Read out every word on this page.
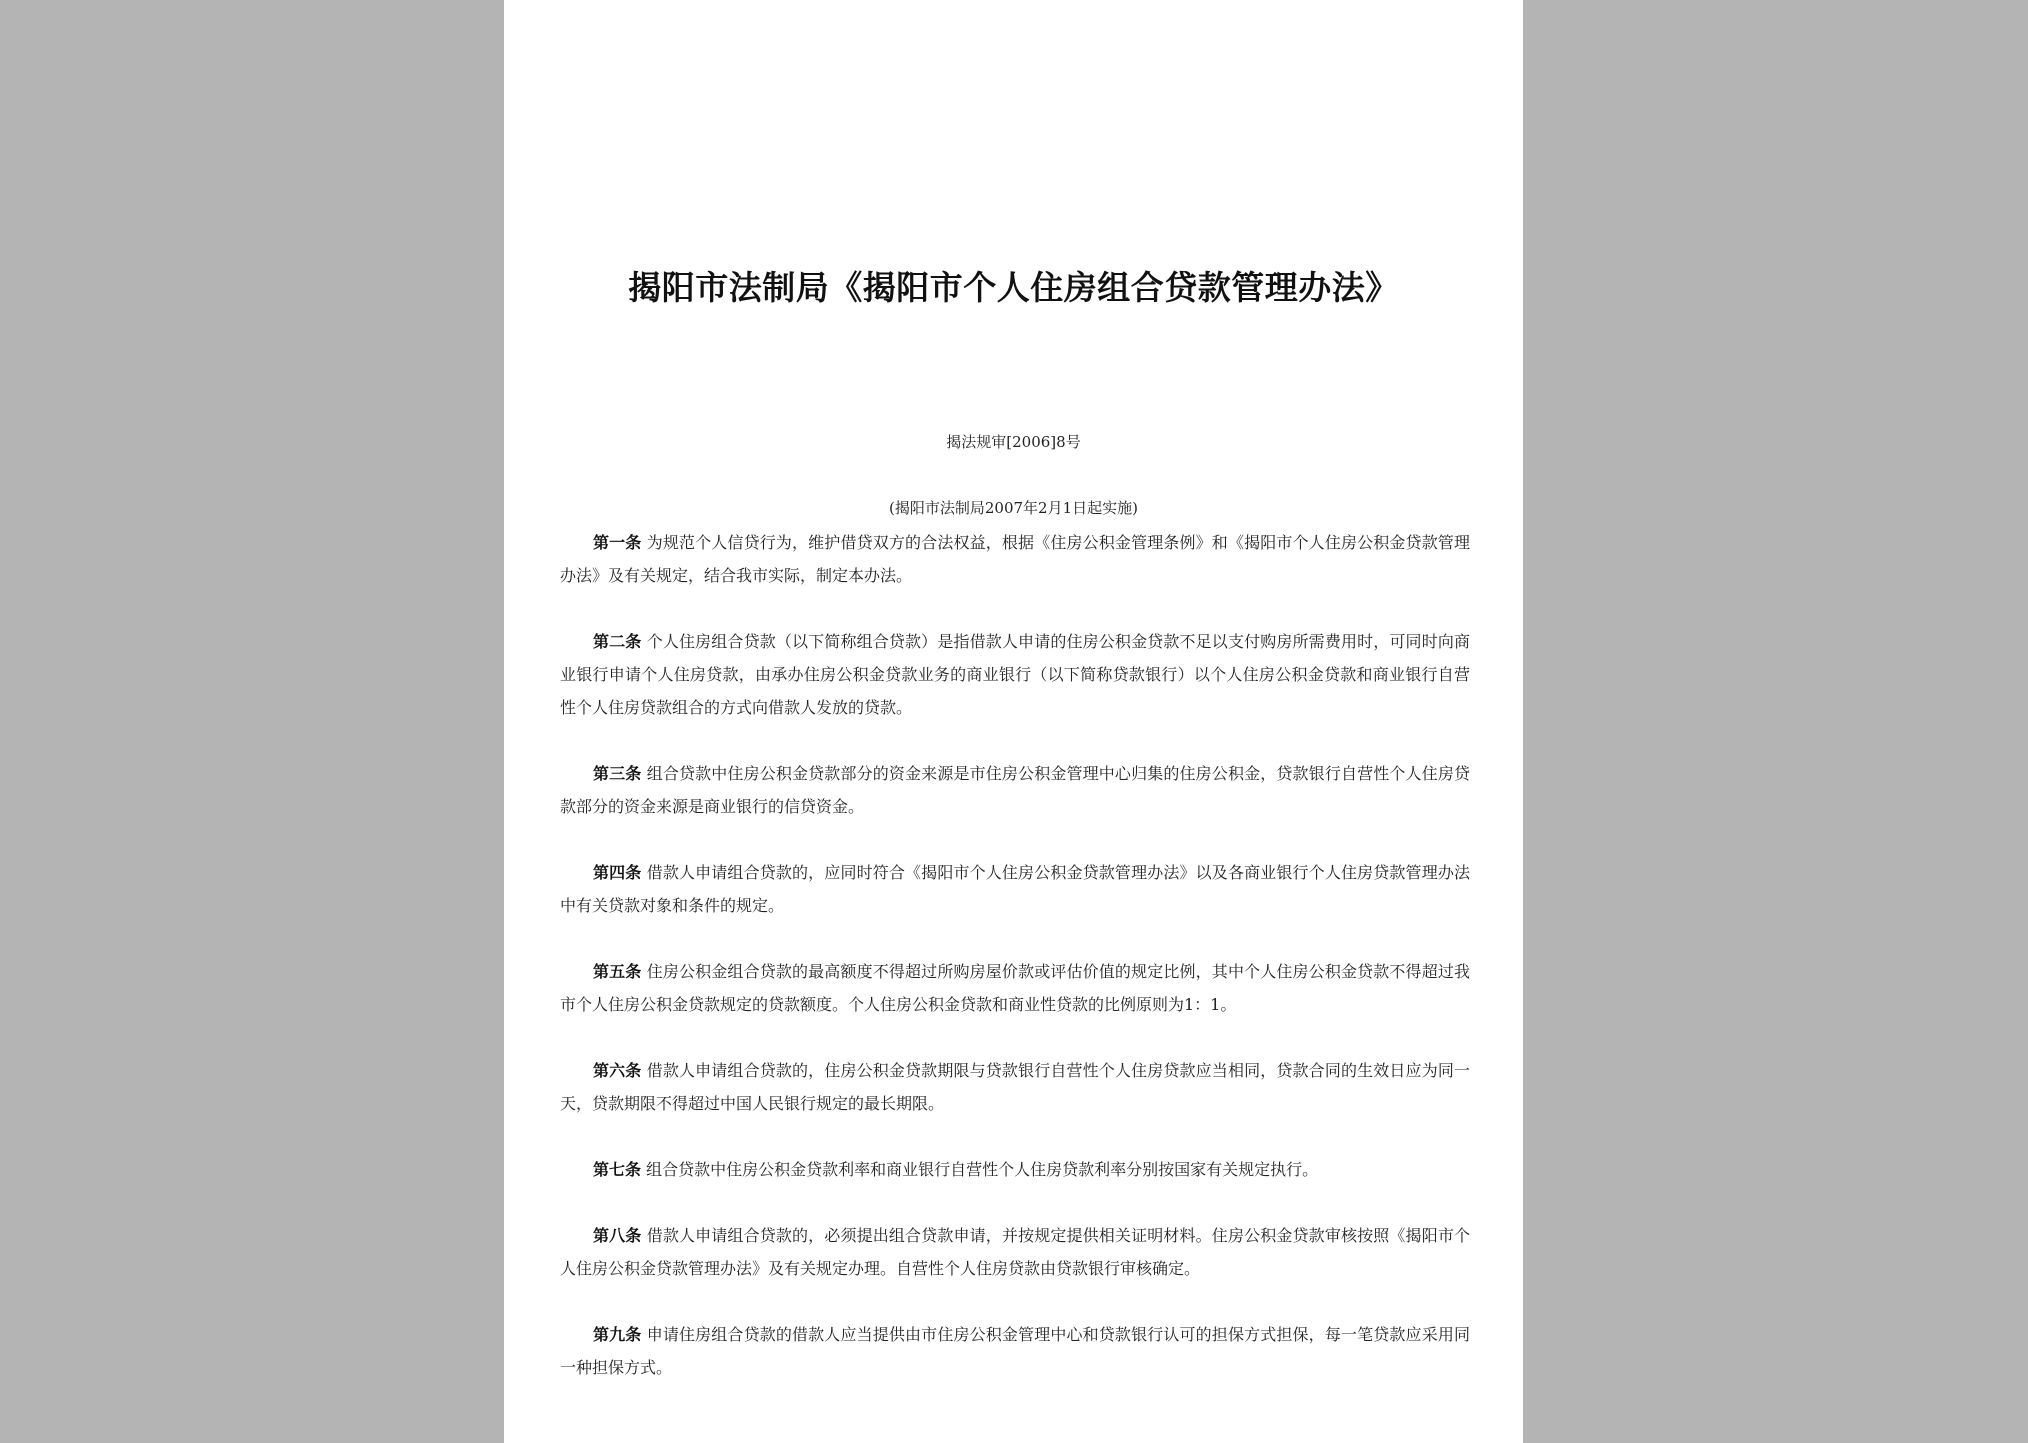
揭阳市法制局《揭阳市个人住房组合贷款管理办法》
揭法规审[2006]8号
(揭阳市法制局2007年2月1日起实施)

第一条 为规范个人信贷行为，维护借贷双方的合法权益，根据《住房公积金管理条例》和《揭阳市个人住房公积金贷款管理办法》及有关规定，结合我市实际，制定本办法。

第二条 个人住房组合贷款（以下简称组合贷款）是指借款人申请的住房公积金贷款不足以支付购房所需费用时，可同时向商业银行申请个人住房贷款，由承办住房公积金贷款业务的商业银行（以下简称贷款银行）以个人住房公积金贷款和商业银行自营性个人住房贷款组合的方式向借款人发放的贷款。

第三条 组合贷款中住房公积金贷款部分的资金来源是市住房公积金管理中心归集的住房公积金，贷款银行自营性个人住房贷款部分的资金来源是商业银行的信贷资金。

第四条 借款人申请组合贷款的，应同时符合《揭阳市个人住房公积金贷款管理办法》以及各商业银行个人住房贷款管理办法中有关贷款对象和条件的规定。

第五条 住房公积金组合贷款的最高额度不得超过所购房屋价款或评估价值的规定比例，其中个人住房公积金贷款不得超过我市个人住房公积金贷款规定的贷款额度。个人住房公积金贷款和商业性贷款的比例原则为1：1。

第六条 借款人申请组合贷款的，住房公积金贷款期限与贷款银行自营性个人住房贷款应当相同，贷款合同的生效日应为同一天，贷款期限不得超过中国人民银行规定的最长期限。

第七条 组合贷款中住房公积金贷款利率和商业银行自营性个人住房贷款利率分别按国家有关规定执行。

第八条 借款人申请组合贷款的，必须提出组合贷款申请，并按规定提供相关证明材料。住房公积金贷款审核按照《揭阳市个人住房公积金贷款管理办法》及有关规定办理。自营性个人住房贷款由贷款银行审核确定。

第九条 申请住房组合贷款的借款人应当提供由市住房公积金管理中心和贷款银行认可的担保方式担保，每一笔贷款应采用同一种担保方式。
